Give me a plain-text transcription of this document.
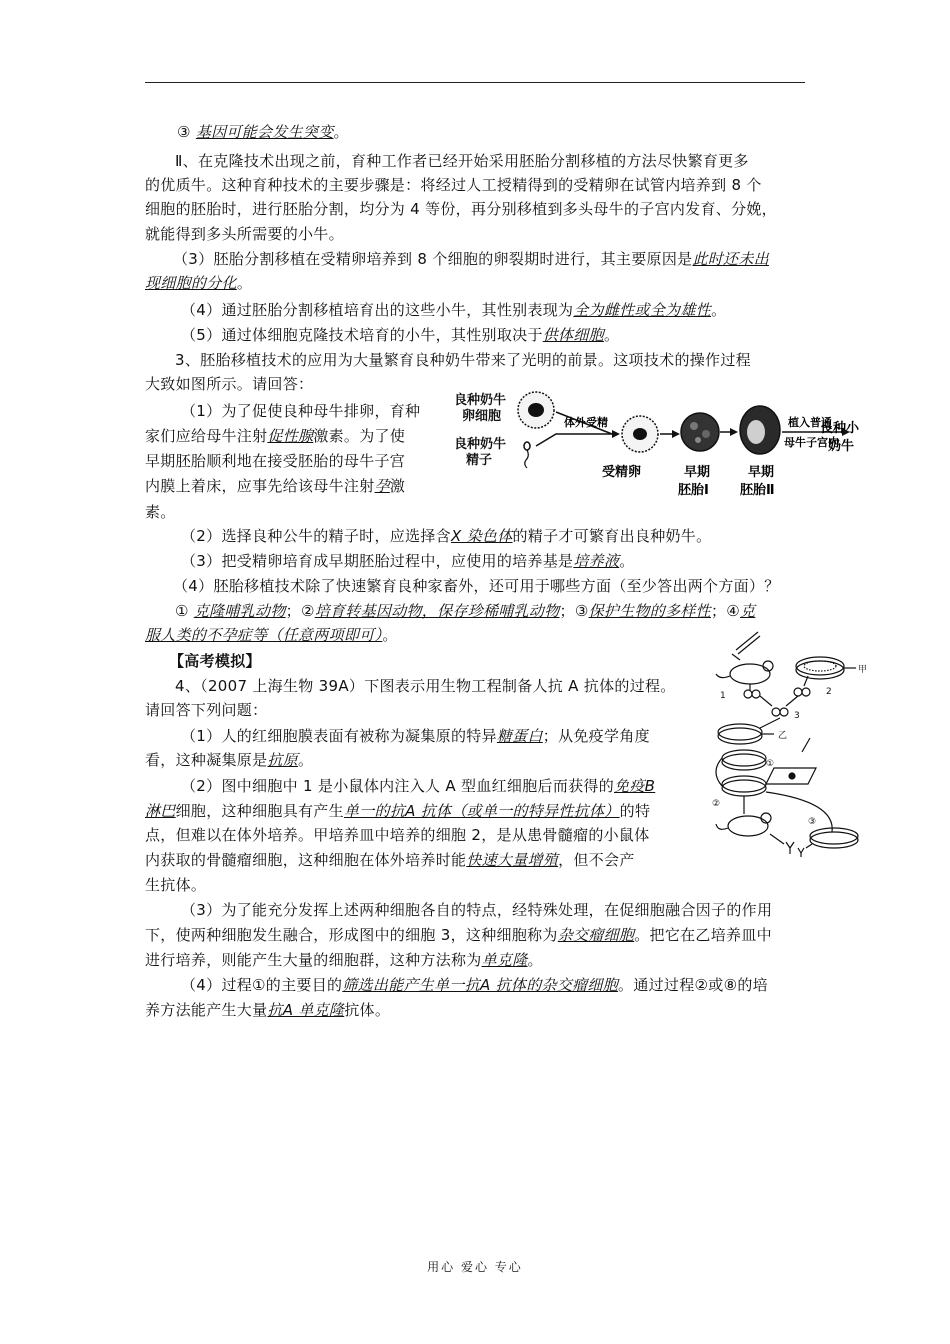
③ 基因可能会发生突变。
Ⅱ、在克隆技术出现之前，育种工作者已经开始采用胚胎分割移植的方法尽快繁育更多
的优质牛。这种育种技术的主要步骤是：将经过人工授精得到的受精卵在试管内培养到 8 个
细胞的胚胎时，进行胚胎分割，均分为 4 等份，再分别移植到多头母牛的子宫内发育、分娩，
就能得到多头所需要的小牛。
（3）胚胎分割移植在受精卵培养到 8 个细胞的卵裂期时进行，其主要原因是此时还未出
现细胞的分化。
（4）通过胚胎分割移植培育出的这些小牛，其性别表现为全为雌性或全为雄性。
（5）通过体细胞克隆技术培育的小牛，其性别取决于供体细胞。
3、胚胎移植技术的应用为大量繁育良种奶牛带来了光明的前景。这项技术的操作过程
大致如图所示。请回答：
（1）为了促使良种母牛排卵，育种
家们应给母牛注射促性腺激素。为了使
早期胚胎顺利地在接受胚胎的母牛子宫
内膜上着床，应事先给该母牛注射孕激
素。
（2）选择良种公牛的精子时，应选择含X 染色体的精子才可繁育出良种奶牛。
（3）把受精卵培育成早期胚胎过程中，应使用的培养基是培养液。
（4）胚胎移植技术除了快速繁育良种家畜外，还可用于哪些方面（至少答出两个方面）？
① 克隆哺乳动物；②培育转基因动物，保存珍稀哺乳动物；③保护生物的多样性；④克
服人类的不孕症等（任意两项即可）。
【高考模拟】
4、（2007 上海生物 39A）下图表示用生物工程制备人抗 A 抗体的过程。
请回答下列问题：
（1）人的红细胞膜表面有被称为凝集原的特异糖蛋白；从免疫学角度
看，这种凝集原是抗原。
（2）图中细胞中 1 是小鼠体内注入人 A 型血红细胞后而获得的免疫B
淋巴细胞，这种细胞具有产生单一的抗A 抗体（或单一的特异性抗体）的特
点，但难以在体外培养。甲培养皿中培养的细胞 2，是从患骨髓瘤的小鼠体
内获取的骨髓瘤细胞，这种细胞在体外培养时能快速大量增殖，但不会产
生抗体。
（3）为了能充分发挥上述两种细胞各自的特点，经特殊处理，在促细胞融合因子的作用
下，使两种细胞发生融合，形成图中的细胞 3，这种细胞称为杂交瘤细胞。把它在乙培养皿中
进行培养，则能产生大量的细胞群，这种方法称为单克隆。
（4）过程①的主要目的筛选出能产生单一抗A 抗体的杂交瘤细胞。通过过程②或⑧的培
养方法能产生大量抗A 单克隆抗体。
良种奶牛
卵细胞
良种奶牛
精子
体外受精	植入普通
母牛子宫内
良种小
奶牛
受精卵	早期
胚胎Ⅰ
早期
胚胎Ⅱ
甲
1	2
3
乙
①
②
③
用心 爱心 专心
